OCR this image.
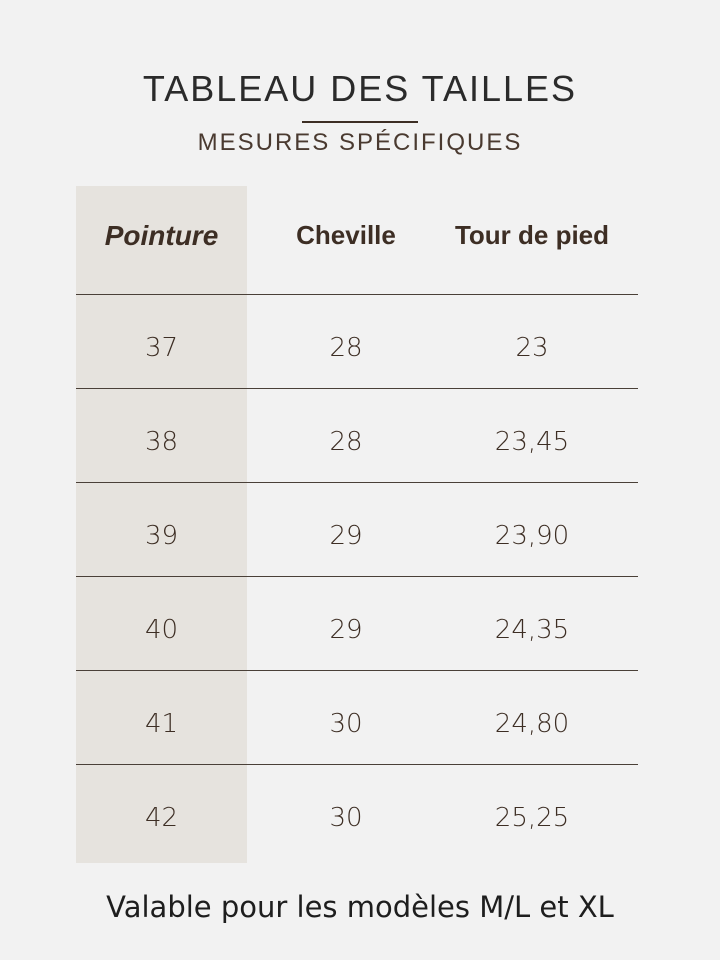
TABLEAU DES TAILLES
MESURES SPÉCIFIQUES
Pointure	Cheville	Tour de pied
37	28	23
38	28	23,45
39	29	23,90
40	29	24,35
41	30	24,80
42	30	25,25
Valable pour les modèles M/L et XL
